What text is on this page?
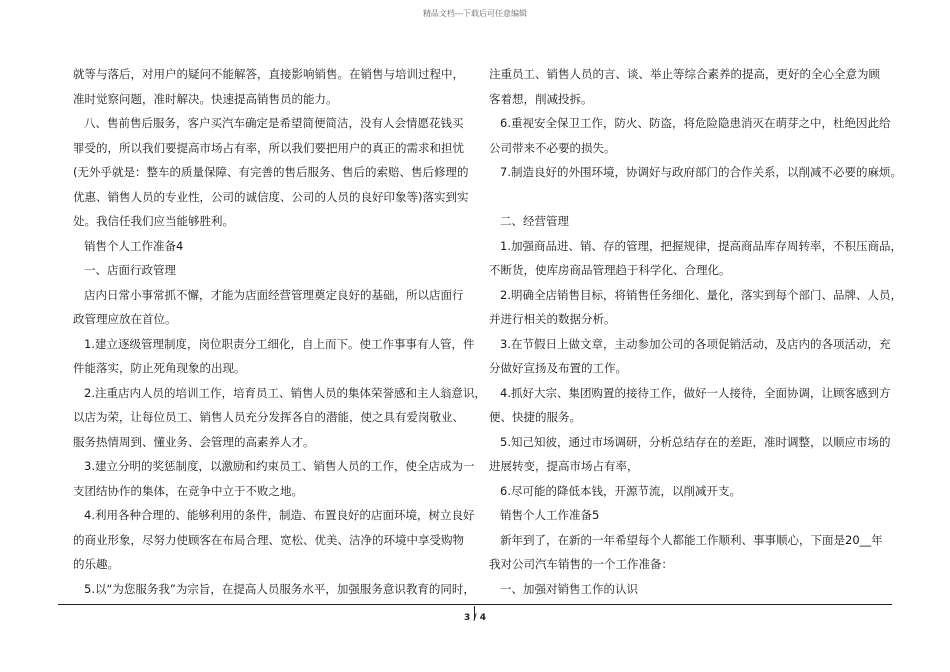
精品文档---下载后可任意编辑
就等与落后，对用户的疑问不能解答，直接影响销售。在销售与培训过程中，
准时觉察问题，准时解决。快速提高销售员的能力。
八、售前售后服务，客户买汽车确定是希望简便简洁，没有人会情愿花钱买
罪受的，所以我们要提高市场占有率，所以我们要把用户的真正的需求和担忧
(无外乎就是：整车的质量保障、有完善的售后服务、售后的索赔、售后修理的
优惠、销售人员的专业性，公司的诚信度、公司的人员的良好印象等)落实到实
处。我信任我们应当能够胜利。
销售个人工作准备4
一、店面行政管理
店内日常小事常抓不懈，才能为店面经营管理奠定良好的基础，所以店面行
政管理应放在首位。
1.建立逐级管理制度，岗位职责分工细化，自上而下。使工作事事有人管，件
件能落实，防止死角现象的出现。
2.注重店内人员的培训工作，培育员工、销售人员的集体荣誉感和主人翁意识，
以店为荣，让每位员工、销售人员充分发挥各自的潜能，使之具有爱岗敬业、
服务热情周到、懂业务、会管理的高素养人才。
3.建立分明的奖惩制度，以激励和约束员工、销售人员的工作，使全店成为一
支团结协作的集体，在竞争中立于不败之地。
4.利用各种合理的、能够利用的条件，制造、布置良好的店面环境，树立良好
的商业形象，尽努力使顾客在布局合理、宽松、优美、洁净的环境中享受购物
的乐趣。
5.以“为您服务我”为宗旨，在提高人员服务水平，加强服务意识教育的同时，
注重员工、销售人员的言、谈、举止等综合素养的提高，更好的全心全意为顾
客着想，削减投拆。
6.重视安全保卫工作，防火、防盗，将危险隐患消灭在萌芽之中，杜绝因此给
公司带来不必要的损失。
7.制造良好的外围环境，协调好与政府部门的合作关系，以削减不必要的麻烦。
二、经营管理
1.加强商品进、销、存的管理，把握规律，提高商品库存周转率，不积压商品，
不断货，使库房商品管理趋于科学化、合理化。
2.明确全店销售目标，将销售任务细化、量化，落实到每个部门、品牌、人员，
并进行相关的数据分析。
3.在节假日上做文章，主动参加公司的各项促销活动，及店内的各项活动，充
分做好宣扬及布置的工作。
4.抓好大宗、集团购置的接待工作，做好一人接待，全面协调，让顾客感到方
便、快捷的服务。
5.知己知彼，通过市场调研，分析总结存在的差距，准时调整，以顺应市场的
进展转变，提高市场占有率，
6.尽可能的降低本钱，开源节流，以削减开支。
销售个人工作准备5
新年到了，在新的一年希望每个人都能工作顺利、事事顺心，下面是20__年
我对公司汽车销售的一个工作准备：
一、加强对销售工作的认识
3 / 4
